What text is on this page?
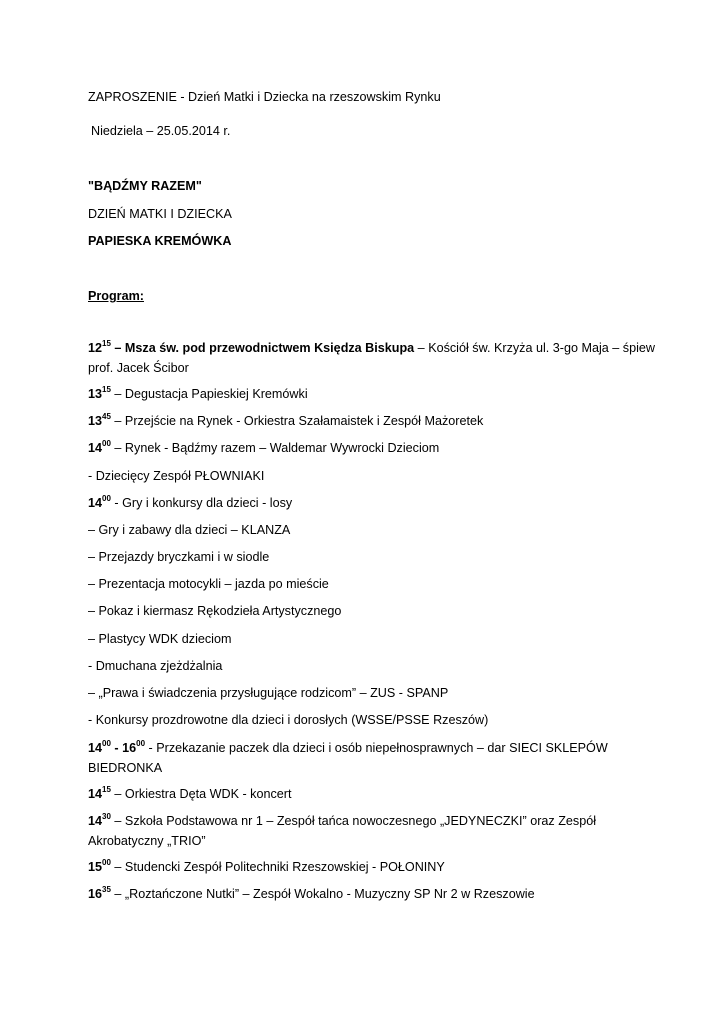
ZAPROSZENIE - Dzień Matki i Dziecka na rzeszowskim Rynku
Niedziela – 25.05.2014 r.
"BĄDŹMY RAZEM"
DZIEŃ MATKI I DZIECKA
PAPIESKA KREMÓWKA
Program:
$12^{15}$ – Msza św. pod przewodnictwem Księdza Biskupa – Kościół św. Krzyża ul. 3-go Maja – śpiew prof. Jacek Ścibor
$13^{15}$ – Degustacja Papieskiej Kremówki
$13^{45}$ – Przejście na Rynek - Orkiestra Szałamaistek i Zespół Mażoretek
$14^{00}$ – Rynek - Bądźmy razem – Waldemar Wywrocki Dzieciom
- Dziecięcy Zespół PŁOWNIAKI
$14^{00}$ - Gry i konkursy dla dzieci - losy
– Gry i zabawy dla dzieci – KLANZA
– Przejazdy bryczkami i w siodle
– Prezentacja motocykli – jazda po mieście
– Pokaz i kiermasz Rękodzieła Artystycznego
– Plastycy WDK dzieciom
- Dmuchana zjeżdżalnia
– „Prawa i świadczenia przysługujące rodzicom” – ZUS - SPANP
- Konkursy prozdrowotne dla dzieci i dorosłych (WSSE/PSSE Rzeszów)
$14^{00} - 16^{00}$ - Przekazanie paczek dla dzieci i osób niepełnosprawnych – dar SIECI SKLEPÓW BIEDRONKA
$14^{15}$ – Orkiestra Dęta WDK - koncert
$14^{30}$ – Szkoła Podstawowa nr 1 – Zespół tańca nowoczesnego „JEDYNECZKI” oraz Zespół Akrobatyczny „TRIO”
$15^{00}$ – Studencki Zespół Politechniki Rzeszowskiej - POŁONINY
$16^{35}$ – „Roztańczone Nutki” – Zespół Wokalno - Muzyczny SP Nr 2 w Rzeszowie
